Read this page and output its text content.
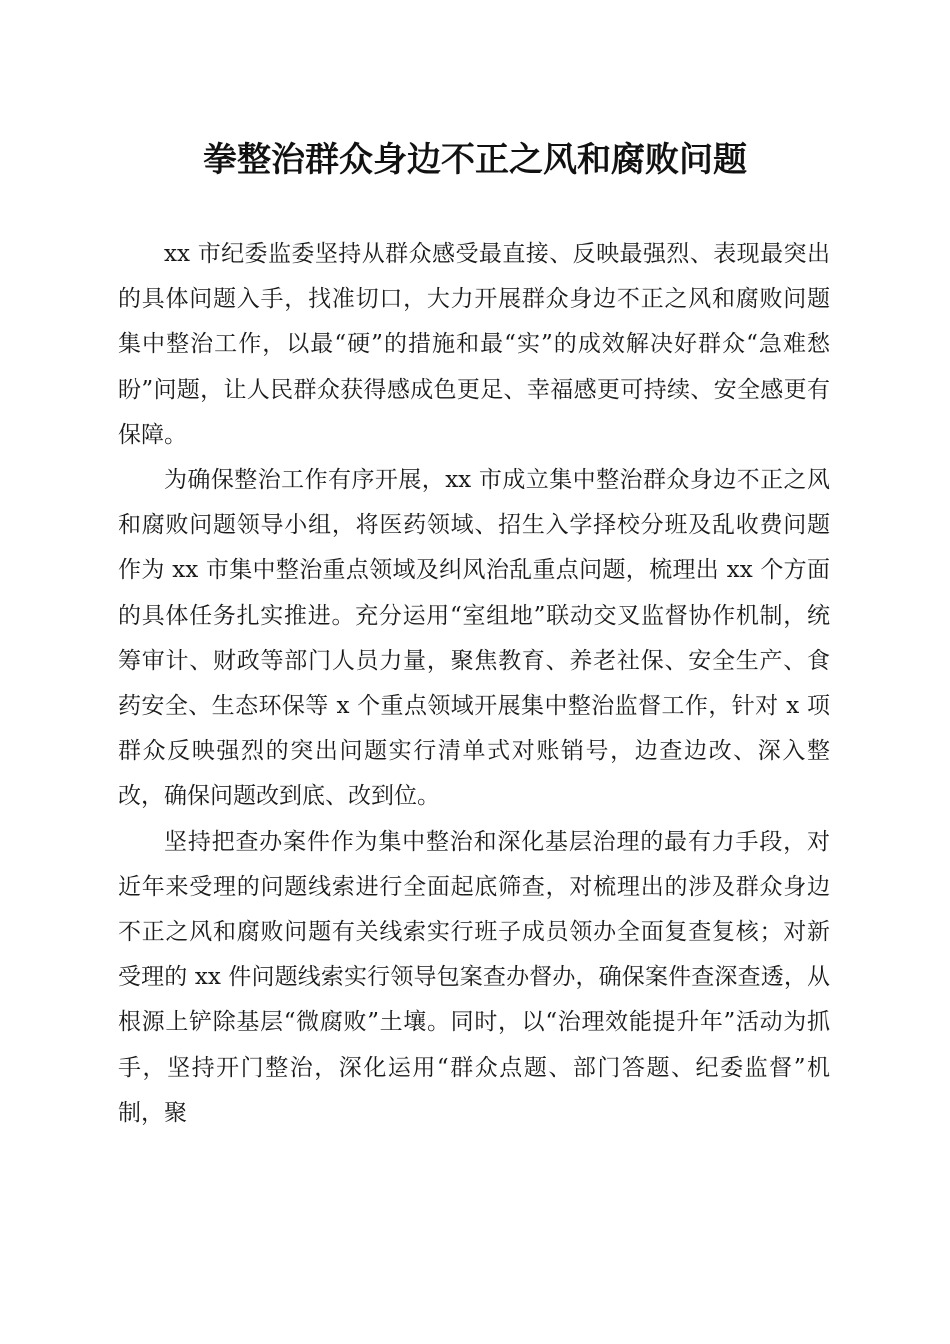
拳整治群众身边不正之风和腐败问题

xx 市纪委监委坚持从群众感受最直接、反映最强烈、表现最突出的具体问题入手，找准切口，大力开展群众身边不正之风和腐败问题集中整治工作，以最“硬”的措施和最“实”的成效解决好群众“急难愁盼”问题，让人民群众获得感成色更足、幸福感更可持续、安全感更有保障。

为确保整治工作有序开展，xx 市成立集中整治群众身边不正之风和腐败问题领导小组，将医药领域、招生入学择校分班及乱收费问题作为 xx 市集中整治重点领域及纠风治乱重点问题，梳理出 xx 个方面的具体任务扎实推进。充分运用“室组地”联动交叉监督协作机制，统筹审计、财政等部门人员力量，聚焦教育、养老社保、安全生产、食药安全、生态环保等 x 个重点领域开展集中整治监督工作，针对 x 项群众反映强烈的突出问题实行清单式对账销号，边查边改、深入整改，确保问题改到底、改到位。

坚持把查办案件作为集中整治和深化基层治理的最有力手段，对近年来受理的问题线索进行全面起底筛查，对梳理出的涉及群众身边不正之风和腐败问题有关线索实行班子成员领办全面复查复核；对新受理的 xx 件问题线索实行领导包案查办督办，确保案件查深查透，从根源上铲除基层“微腐败”土壤。同时，以“治理效能提升年”活动为抓手，坚持开门整治，深化运用“群众点题、部门答题、纪委监督”机制，聚
